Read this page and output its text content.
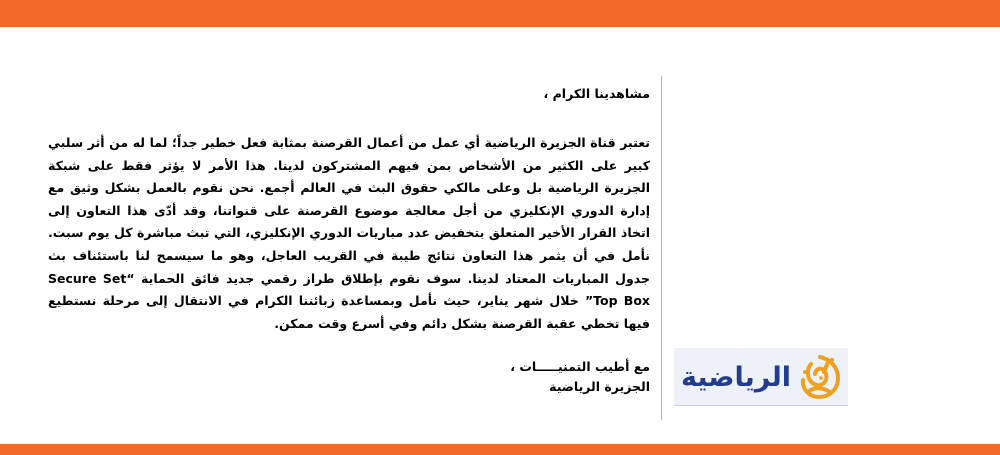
مشاهدينا الكرام ،

تعتبر قناة الجزيرة الرياضية أي عمل من أعمال القرصنة بمثابة فعل خطير جداً؛ لما له من أثر سلبي كبير على الكثير من الأشخاص بمن فيهم المشتركون لدينا. هذا الأمر لا يؤثر فقط على شبكة الجزيرة الرياضية بل وعلى مالكي حقوق البث في العالم أجمع. نحن نقوم بالعمل بشكل وثيق مع إدارة الدوري الإنكليزي من أجل معالجة موضوع القرصنة على قنواتنا، وقد أدّى هذا التعاون إلى اتخاذ القرار الأخير المتعلق بتخفيض عدد مباريات الدوري الإنكليزي، التي تبث مباشرة كل يوم سبت. نأمل في أن يثمر هذا التعاون نتائج طيبة في القريب العاجل، وهو ما سيسمح لنا باستئناف بث جدول المباريات المعتاد لدينا. سوف نقوم بإطلاق طراز رقمي جديد فائق الحماية “Secure Set Top Box” خلال شهر يناير، حيث نأمل وبمساعدة زبائننا الكرام في الانتقال إلى مرحلة نستطيع فيها تخطي عقبة القرصنة بشكل دائم وفي أسرع وقت ممكن.

مع أطيب التمنيـــــات ،

الجزيرة الرياضية الرياضية
